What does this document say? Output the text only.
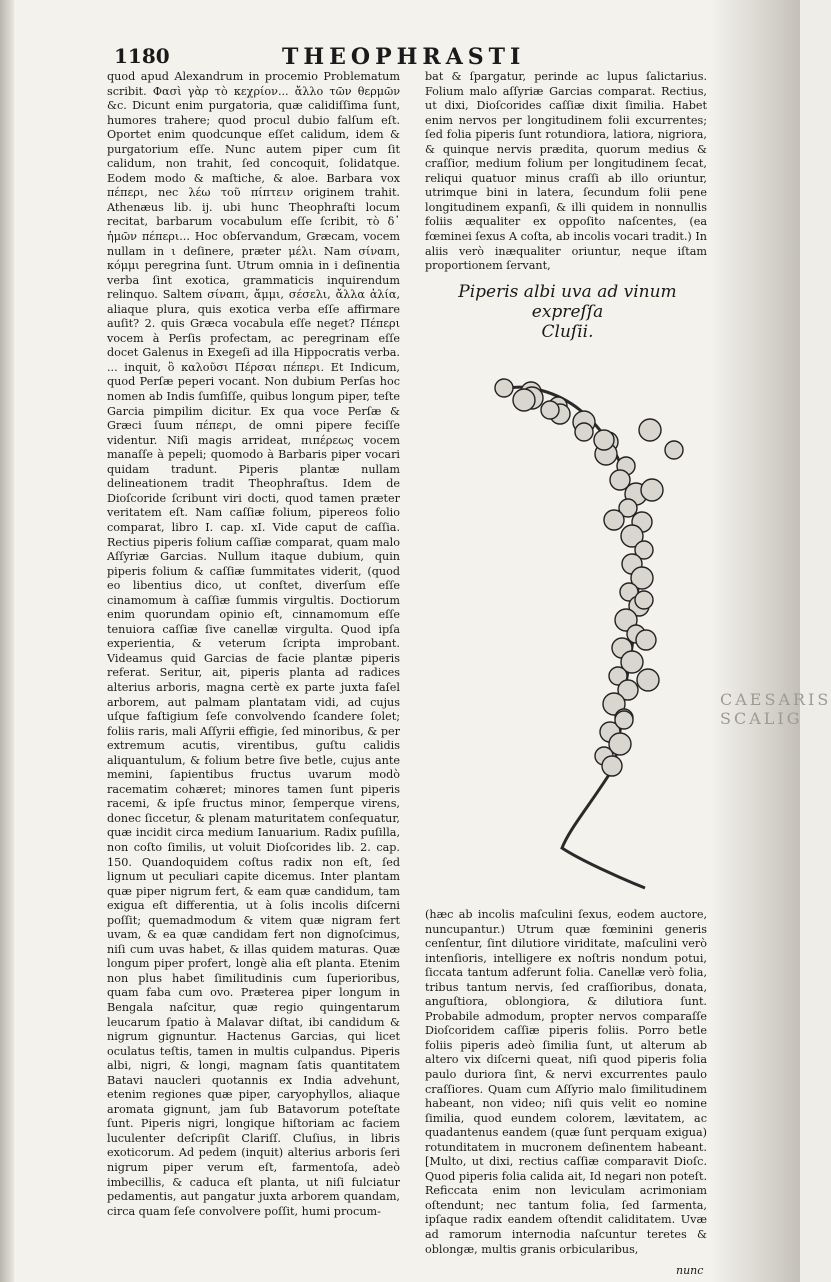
CAESARIS SCALIG
1180	THEOPHRASTI

quod apud Alexandrum in procemio Problematum scribit. Φασὶ γὰρ τὸ κεχρίον... ἄλλο τῶν θερμῶν &c. Dicunt enim purgatoria, quæ calidiſſima ſunt, humores trahere; quod procul dubio falſum eſt. Oportet enim quodcunque eſſet calidum, idem & purgatorium eſſe. Nunc autem piper cum ſit calidum, non trahit, ſed concoquit, ſolidatque. Eodem modo & maſtiche, & aloe. Barbara vox πέπερι, nec λέω τοῦ πίπτειν originem trahit. Athenæus lib. ij. ubi hunc Theophraſti locum recitat, barbarum vocabulum eſſe ſcribit, τὸ δ᾽ ἡμῶν πέπερι... Hoc obſervandum, Græcam, vocem nullam in ι deſinere, præter μέλι. Nam σίναπι, κόμμι peregrina ſunt. Utrum omnia in i deſinentia verba ſint exotica, grammaticis inquirendum relinquo. Saltem σίναπι, ἄμμι, σέσελι, ἄλλα ἀλία, aliaque plura, quis exotica verba eſſe affirmare auſit? 2. quis Græca vocabula eſſe neget? Πέπερι vocem à Perſis profectam, ac peregrinam eſſe docet Galenus in Exegeſi ad illa Hippocratis verba. ... inquit, ὃ καλοῦσι Πέρσαι πέπερι. Et Indicum, quod Perſæ peperi vocant. Non dubium Perſas hoc nomen ab Indis ſumſiſſe, quibus longum piper, teſte Garcia pimpilim dicitur. Ex qua voce Perſæ & Græci ſuum πέπερι, de omni pipere feciſſe videntur. Niſi magis arrideat, πιπέρεως vocem manaſſe à pepeli; quomodo à Barbaris piper vocari quidam tradunt. Piperis plantæ nullam delineationem tradit Theophraſtus. Idem de Dioſcoride ſcribunt viri docti, quod tamen præter veritatem eſt. Nam caſſiæ folium, pipereos folio comparat, libro I. cap. xI. Vide caput de caſſia. Rectius piperis folium caſſiæ comparat, quam malo Aſſyriæ Garcias. Nullum itaque dubium, quin piperis folium & caſſiæ ſummitates viderit, (quod eo libentius dico, ut conſtet, diverſum eſſe cinamomum à caſſiæ ſummis virgultis. Doctiorum enim quorundam opinio eſt, cinnamomum eſſe tenuiora caſſiæ ſive canellæ virgulta. Quod ipſa experientia, & veterum ſcripta improbant. Videamus quid Garcias de facie plantæ piperis referat. Seritur, ait, piperis planta ad radices alterius arboris, magna certè ex parte juxta faſel arborem, aut palmam plantatam vidi, ad cujus uſque faſtigium ſeſe convolvendo ſcandere ſolet; foliis raris, mali Aſſyrii effigie, ſed minoribus, & per extremum acutis, virentibus, guſtu calidis aliquantulum, & folium betre ſive betle, cujus ante memini, ſapientibus fructus uvarum modò racematim cohæret; minores tamen ſunt piperis racemi, & ipſe fructus minor, ſemperque virens, donec ſiccetur, & plenam maturitatem conſequatur, quæ incidit circa medium Ianuarium. Radix puſilla, non coſto ſimilis, ut voluit Dioſcorides lib. 2. cap. 150. Quandoquidem coſtus radix non eſt, ſed lignum ut peculiari capite dicemus. Inter plantam quæ piper nigrum fert, & eam quæ candidum, tam exigua eſt differentia, ut à ſolis incolis diſcerni poſſit; quemadmodum & vitem quæ nigram fert uvam, & ea quæ candidam fert non dignoſcimus, niſi cum uvas habet, & illas quidem maturas. Quæ longum piper profert, longè alia eſt planta. Etenim non plus habet ſimilitudinis cum ſuperioribus, quam faba cum ovo. Præterea piper longum in Bengala naſcitur, quæ regio quingentarum leucarum ſpatio à Malavar diſtat, ibi candidum & nigrum gignuntur. Hactenus Garcias, qui licet oculatus teſtis, tamen in multis culpandus. Piperis albi, nigri, & longi, magnam ſatis quantitatem Batavi naucleri quotannis ex India advehunt, etenim regiones quæ piper, caryophyllos, aliaque aromata gignunt, jam ſub Batavorum poteſtate ſunt. Piperis nigri, longique hiſtoriam ac faciem luculenter deſcripſit Clariſſ. Cluſius, in libris exoticorum. Ad pedem (inquit) alterius arboris ſeri nigrum piper verum eſt, farmentoſa, adeò imbecillis, & caduca eſt planta, ut niſi fulciatur pedamentis, aut pangatur juxta arborem quandam, circa quam ſeſe convolvere poſſit, humi procum-

bat & ſpargatur, perinde ac lupus ſalictarius. Folium malo aſſyriæ Garcias comparat. Rectius, ut dixi, Dioſcorides caſſiæ dixit ſimilia. Habet enim nervos per longitudinem folii excurrentes; ſed folia piperis ſunt rotundiora, latiora, nigriora, & quinque nervis prædita, quorum medius & craſſior, medium folium per longitudinem ſecat, reliqui quatuor minus craſſi ab illo oriuntur, utrimque bini in latera, ſecundum folii pene longitudinem expanſi, & illi quidem in nonnullis foliis æqualiter ex oppoſito naſcentes, (ea fœminei ſexus A coſta, ab incolis vocari tradit.) In aliis verò inæqualiter oriuntur, neque iſtam proportionem ſervant,

Piperis albi uva ad vinum expreſſa
Cluſii.

(hæc ab incolis maſculini ſexus, eodem auctore, nuncupantur.) Utrum quæ fœminini generis cenſentur, ſint dilutiore viriditate, maſculini verò intenſioris, intelligere ex noſtris nondum potui, ſiccata tantum adferunt folia. Canellæ verò folia, tribus tantum nervis, ſed craſſioribus, donata, anguſtiora, oblongiora, & dilutiora ſunt. Probabile admodum, propter nervos comparaſſe Dioſcoridem caſſiæ piperis foliis. Porro betle foliis piperis adeò ſimilia ſunt, ut alterum ab altero vix diſcerni queat, niſi quod piperis folia paulo duriora ſint, & nervi excurrentes paulo craſſiores. Quam cum Aſſyrio malo ſimilitudinem habeant, non video; niſi quis velit eo nomine ſimilia, quod eundem colorem, lævitatem, ac quadantenus eandem (quæ ſunt perquam exigua) rotunditatem in mucronem deſinentem habeant. [Multo, ut dixi, rectius caſſiæ comparavit Dioſc. Quod piperis folia calida ait, Id negari non poteſt. Reficcata enim non leviculam acrimoniam oſtendunt; nec tantum folia, ſed ſarmenta, ipſaque radix eandem oſtendit caliditatem. Uvæ ad ramorum internodia naſcuntur teretes & oblongæ, multis granis orbicularibus,

nunc
